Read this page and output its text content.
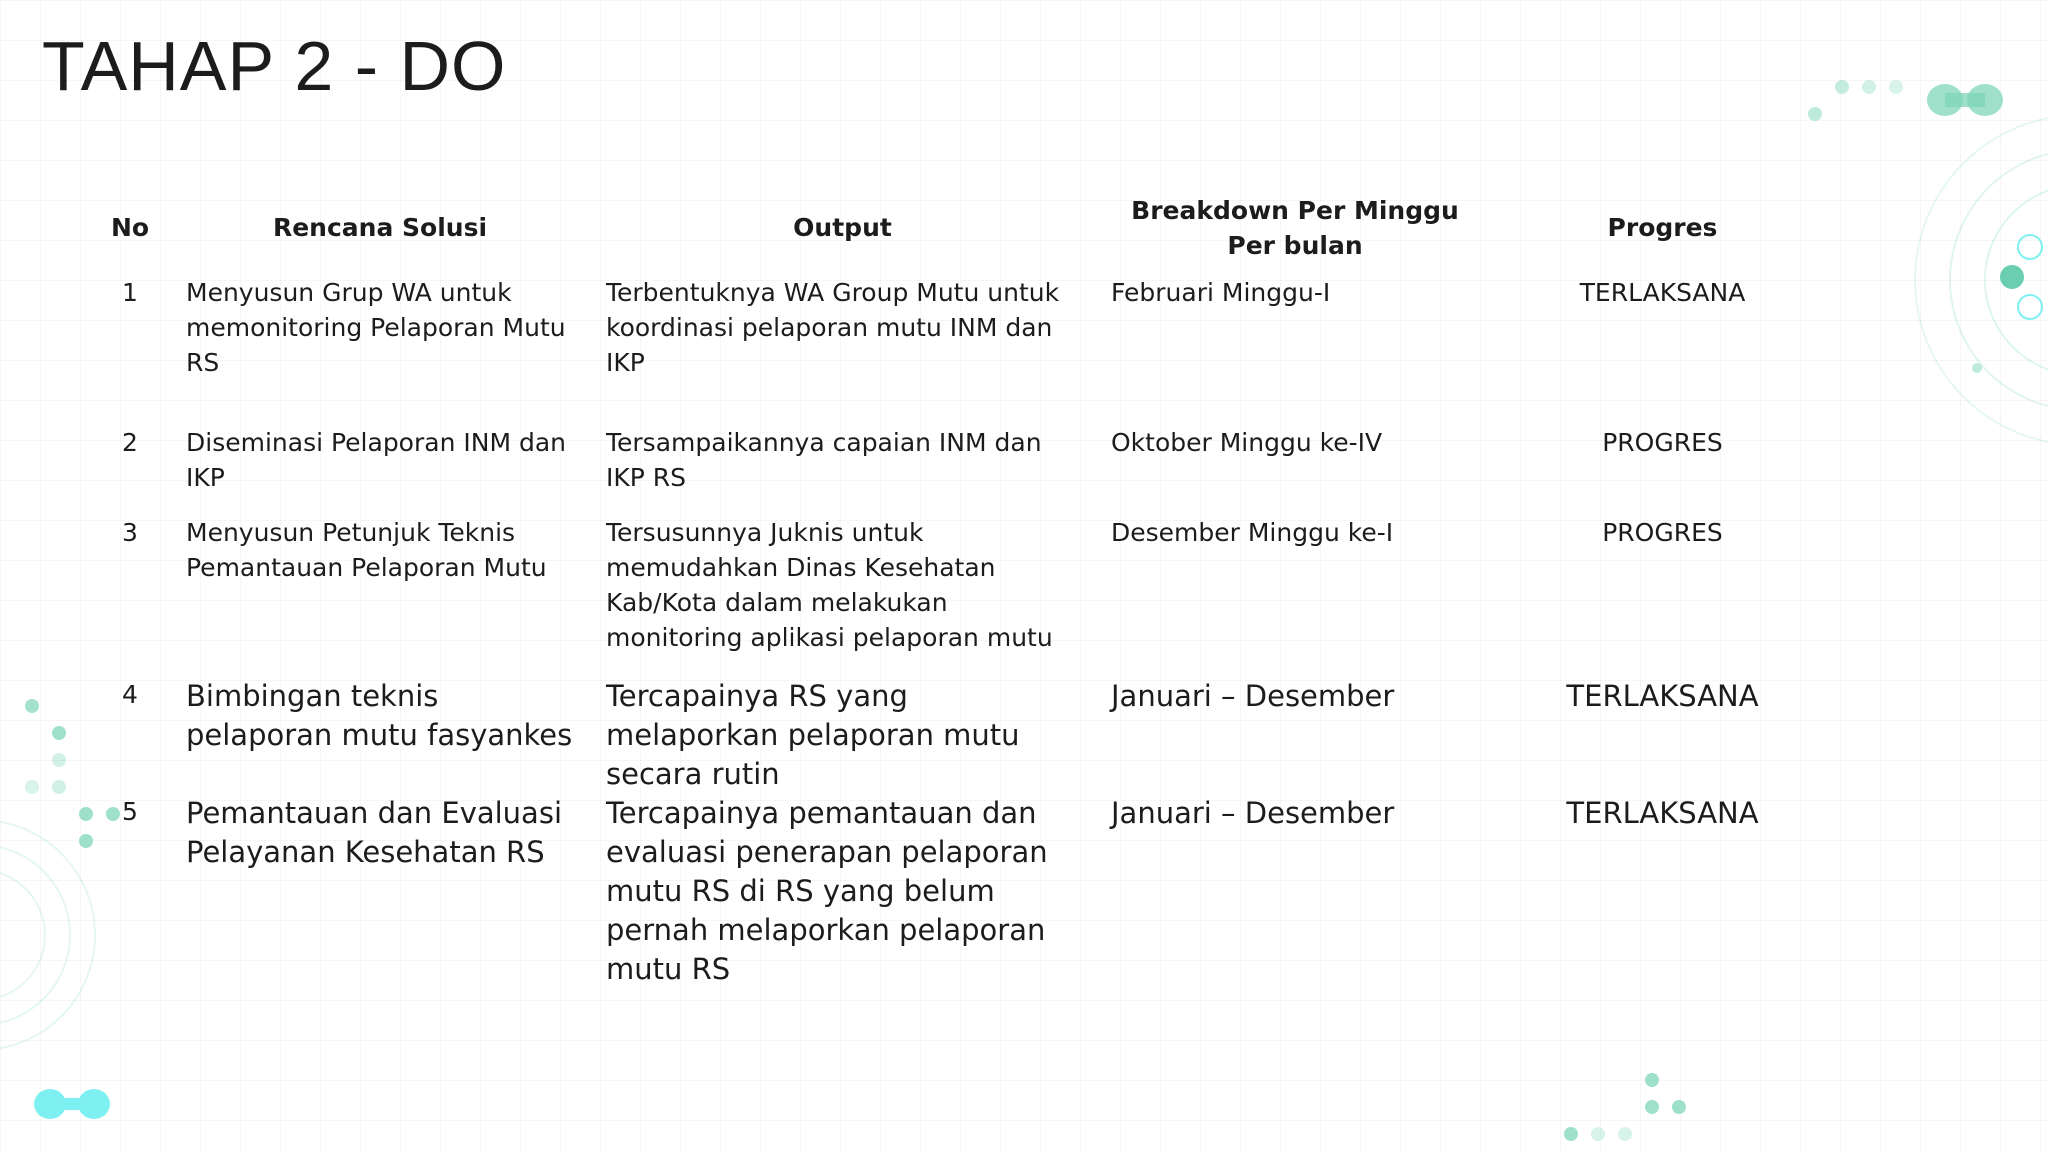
TAHAP 2 - DO
No	Rencana Solusi	Output	Breakdown Per Minggu Per bulan	Progres
1	Menyusun Grup WA untuk memonitoring Pelaporan Mutu RS	Terbentuknya WA Group Mutu untuk koordinasi pelaporan mutu INM dan IKP	Februari Minggu-I	TERLAKSANA
2	Diseminasi Pelaporan INM dan IKP	Tersampaikannya capaian INM dan IKP RS	Oktober Minggu ke-IV	PROGRES
3	Menyusun Petunjuk Teknis Pemantauan Pelaporan Mutu	Tersusunnya Juknis untuk memudahkan Dinas Kesehatan Kab/Kota dalam melakukan monitoring aplikasi pelaporan mutu	Desember Minggu ke-I	PROGRES
4	Bimbingan teknis pelaporan mutu fasyankes	Tercapainya RS yang melaporkan pelaporan mutu secara rutin	Januari – Desember	TERLAKSANA
5	Pemantauan dan Evaluasi Pelayanan Kesehatan RS	Tercapainya pemantauan dan evaluasi penerapan pelaporan mutu RS di RS yang belum pernah melaporkan pelaporan mutu RS	Januari – Desember	TERLAKSANA
